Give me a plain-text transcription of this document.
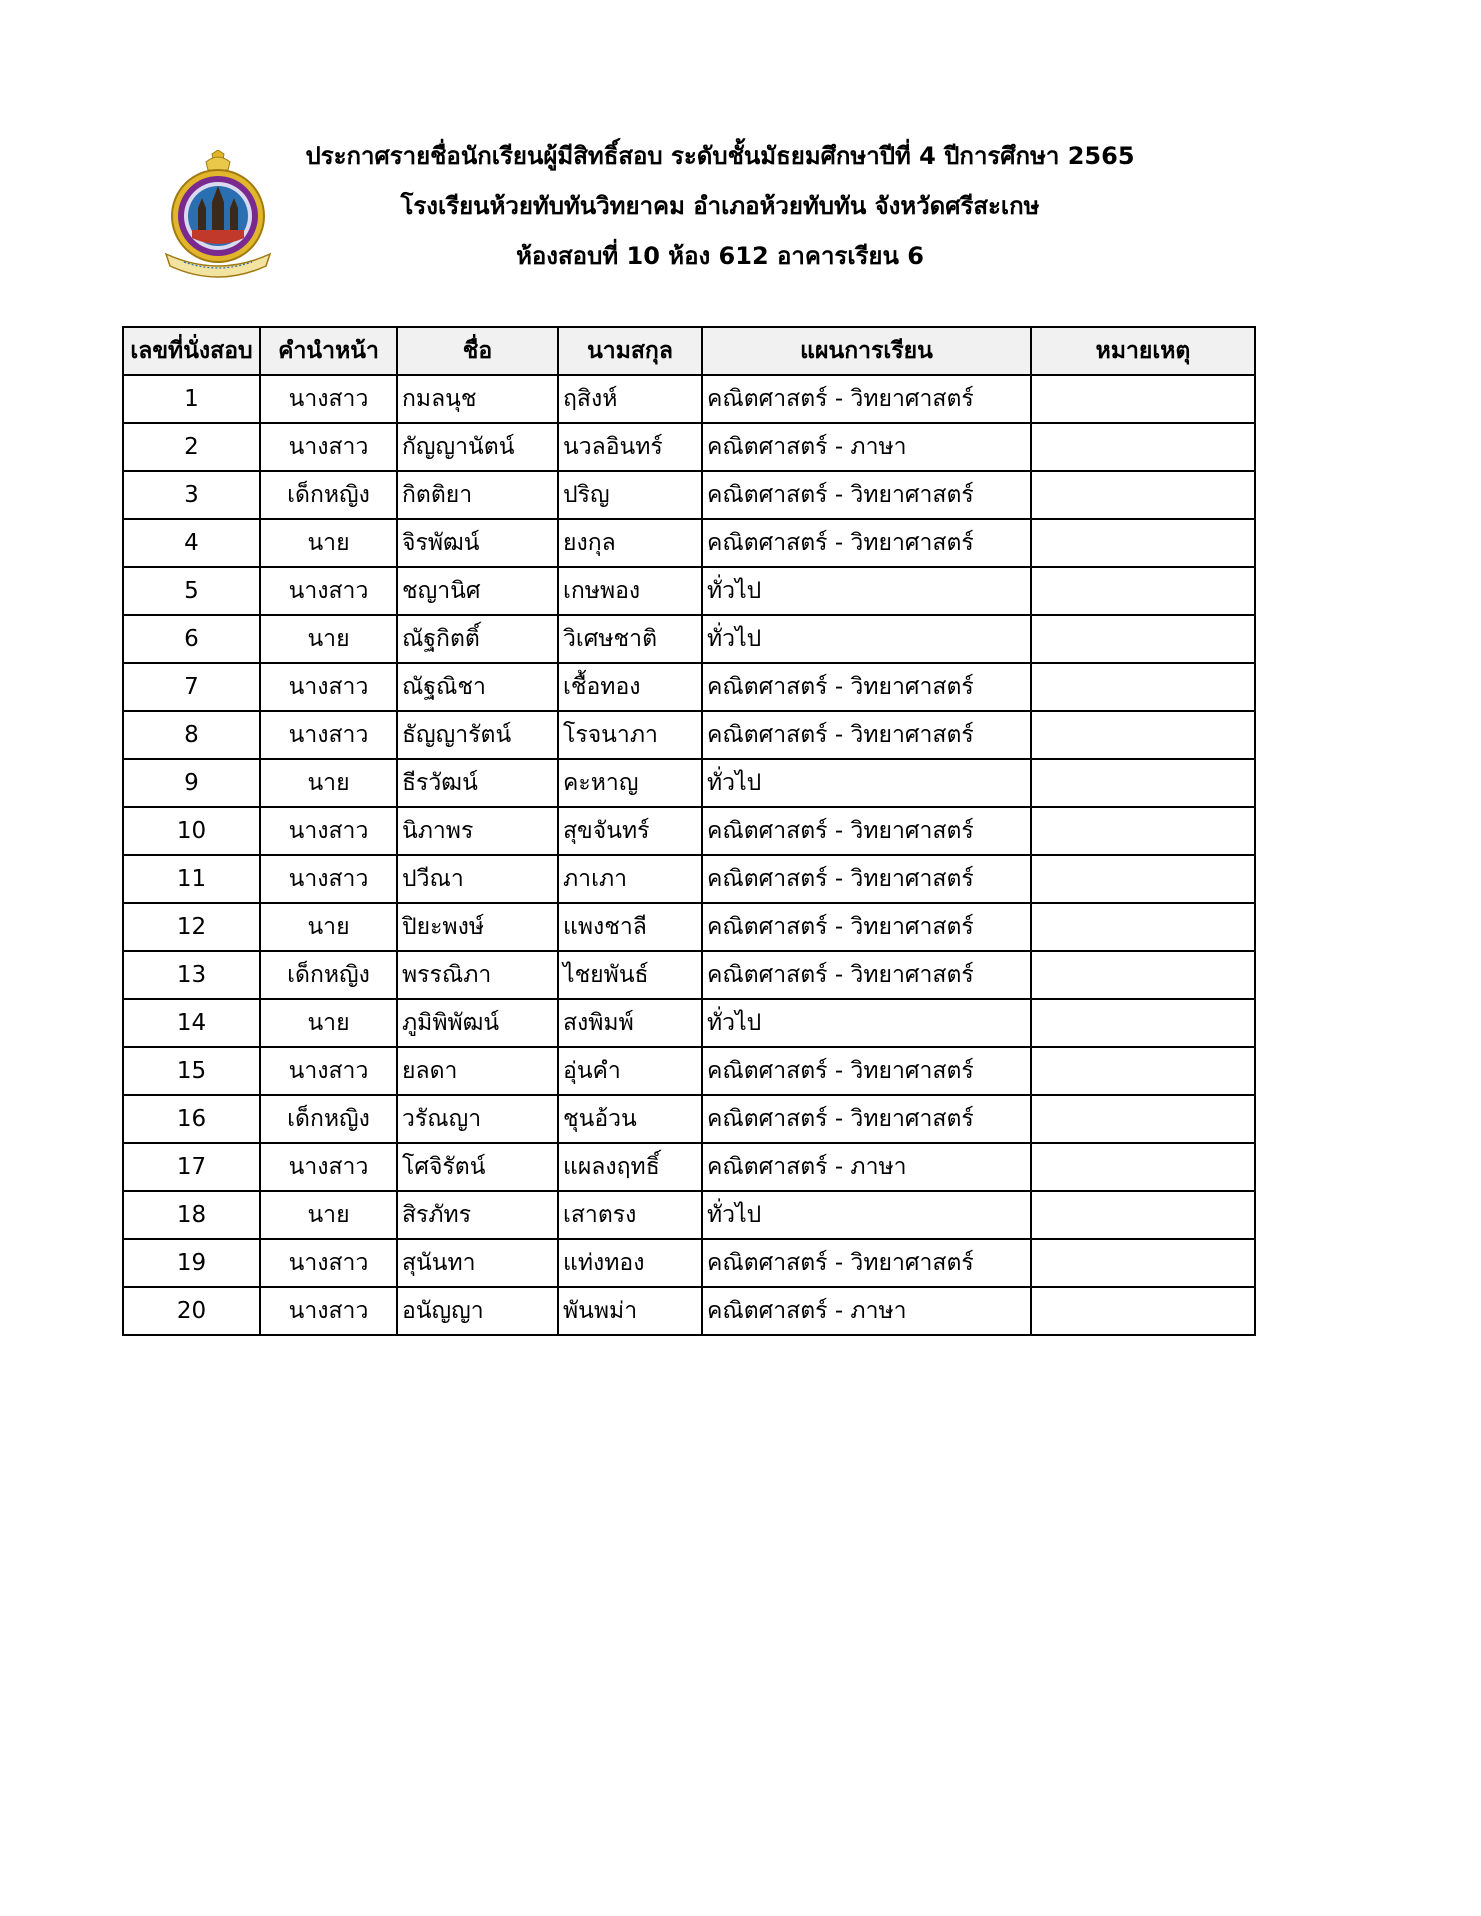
ประกาศรายชื่อนักเรียนผู้มีสิทธิ์สอบ ระดับชั้นมัธยมศึกษาปีที่ 4 ปีการศึกษา 2565
โรงเรียนห้วยทับทันวิทยาคม อำเภอห้วยทับทัน จังหวัดศรีสะเกษ
ห้องสอบที่ 10 ห้อง 612 อาคารเรียน 6
เลขที่นั่งสอบ	คำนำหน้า	ชื่อ	นามสกุล	แผนการเรียน	หมายเหตุ
1	นางสาว	กมลนุช	ฤสิงห์	คณิตศาสตร์ - วิทยาศาสตร์	
2	นางสาว	กัญญานัตน์	นวลอินทร์	คณิตศาสตร์ - ภาษา	
3	เด็กหญิง	กิตติยา	ปริญ	คณิตศาสตร์ - วิทยาศาสตร์	
4	นาย	จิรพัฒน์	ยงกุล	คณิตศาสตร์ - วิทยาศาสตร์	
5	นางสาว	ชญานิศ	เกษพอง	ทั่วไป	
6	นาย	ณัฐกิตติ์	วิเศษชาติ	ทั่วไป	
7	นางสาว	ณัฐณิชา	เชื้อทอง	คณิตศาสตร์ - วิทยาศาสตร์	
8	นางสาว	ธัญญารัตน์	โรจนาภา	คณิตศาสตร์ - วิทยาศาสตร์	
9	นาย	ธีรวัฒน์	คะหาญ	ทั่วไป	
10	นางสาว	นิภาพร	สุขจันทร์	คณิตศาสตร์ - วิทยาศาสตร์	
11	นางสาว	ปวีณา	ภาเภา	คณิตศาสตร์ - วิทยาศาสตร์	
12	นาย	ปิยะพงษ์	แพงชาลี	คณิตศาสตร์ - วิทยาศาสตร์	
13	เด็กหญิง	พรรณิภา	ไชยพันธ์	คณิตศาสตร์ - วิทยาศาสตร์	
14	นาย	ภูมิพิพัฒน์	สงพิมพ์	ทั่วไป	
15	นางสาว	ยลดา	อุ่นคำ	คณิตศาสตร์ - วิทยาศาสตร์	
16	เด็กหญิง	วรัณญา	ชุนอ้วน	คณิตศาสตร์ - วิทยาศาสตร์	
17	นางสาว	โศจิรัตน์	แผลงฤทธิ์	คณิตศาสตร์ - ภาษา	
18	นาย	สิรภัทร	เสาตรง	ทั่วไป	
19	นางสาว	สุนันทา	แท่งทอง	คณิตศาสตร์ - วิทยาศาสตร์	
20	นางสาว	อนัญญา	พันพม่า	คณิตศาสตร์ - ภาษา	
